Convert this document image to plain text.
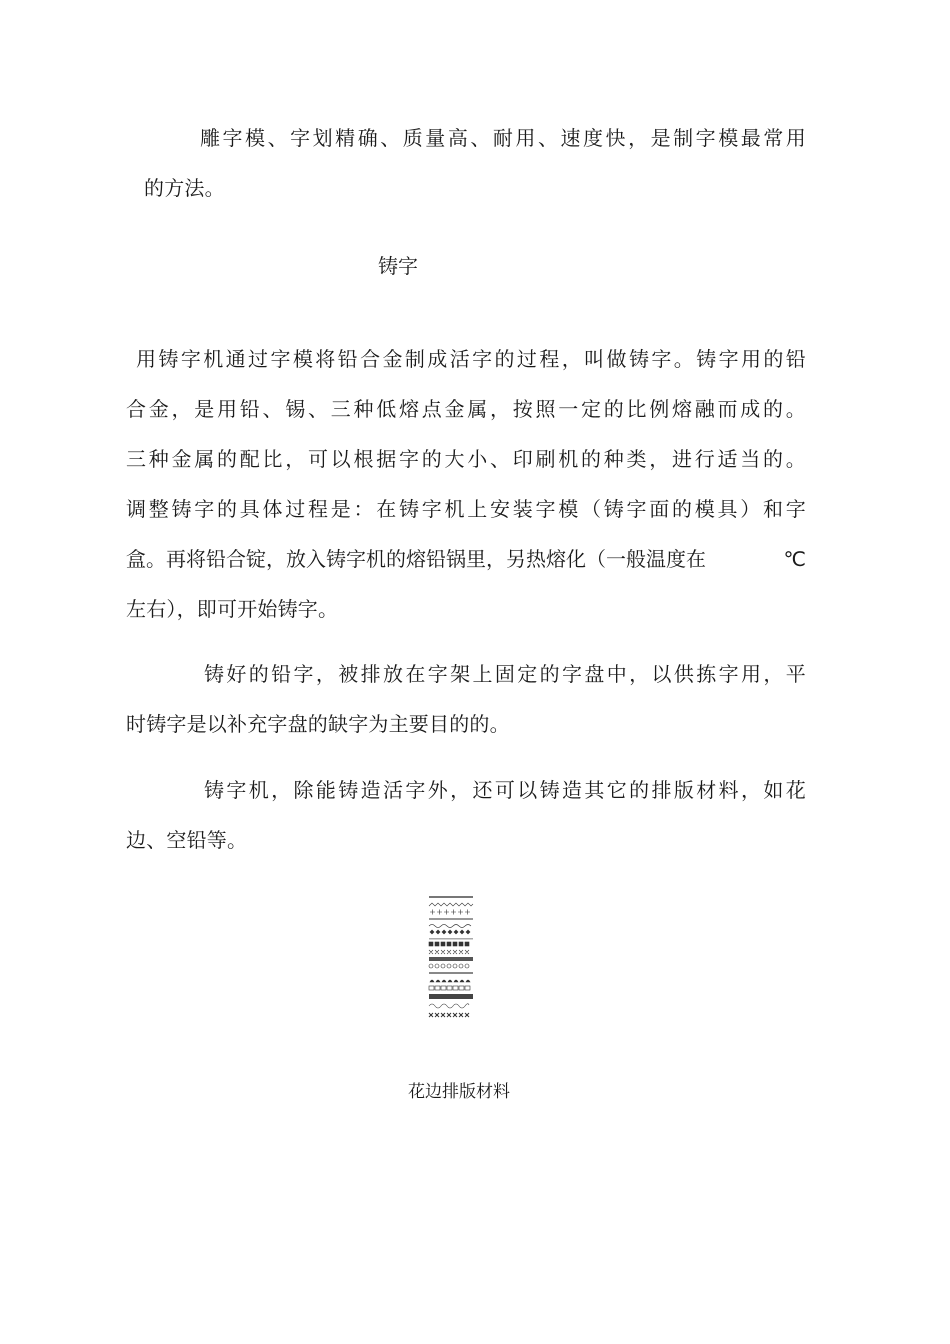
雕字模、字划精确、质量高、耐用、速度快，是制字模最常用
的方法。
铸字
用铸字机通过字模将铅合金制成活字的过程，叫做铸字。铸字用的铅
合金，是用铅、锡、三种低熔点金属，按照一定的比例熔融而成的。
三种金属的配比，可以根据字的大小、印刷机的种类，进行适当的。
调整铸字的具体过程是：在铸字机上安装字模（铸字面的模具）和字
盒。再将铅合锭，放入铸字机的熔铅锅里，另热熔化（一般温度在	℃
左右），即可开始铸字。
铸好的铅字，被排放在字架上固定的字盘中，以供拣字用，平
时铸字是以补充字盘的缺字为主要目的的。
铸字机，除能铸造活字外，还可以铸造其它的排版材料，如花
边、空铅等。
花边排版材料
